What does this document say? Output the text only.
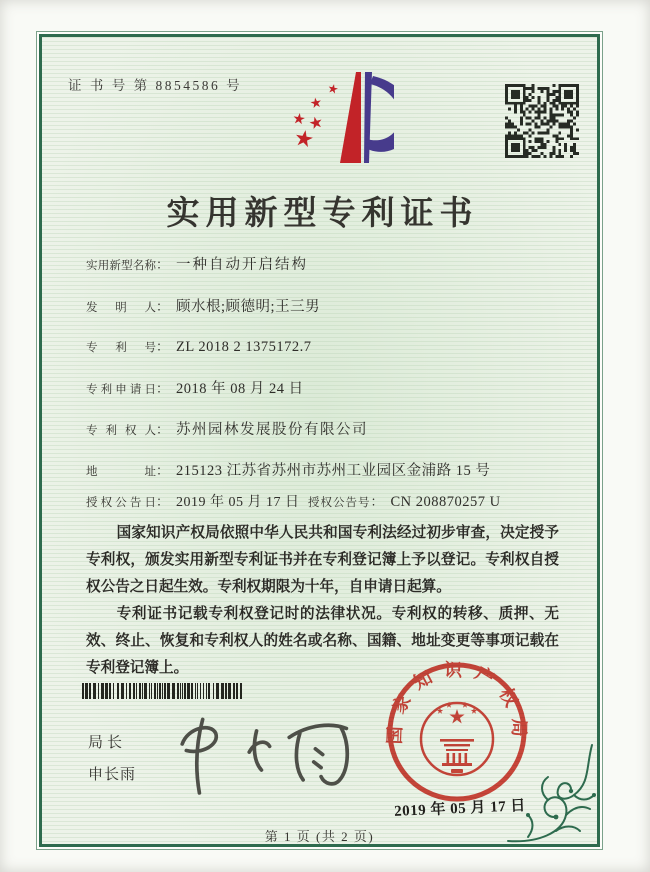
证 书 号 第 8854586 号
实用新型专利证书
实用新型名称： 一种自动开启结构
发明人： 顾水根;顾德明;王三男
专利号： ZL 2018 2 1375172.7
专利申请日： 2018 年 08 月 24 日
专利权人： 苏州园林发展股份有限公司
地址： 215123 江苏省苏州市苏州工业园区金浦路 15 号
授权公告日： 2019 年 05 月 17 日 授权公告号： CN 208870257 U

国家知识产权局依照中华人民共和国专利法经过初步审查，决定授予专利权，颁发实用新型专利证书并在专利登记簿上予以登记。专利权自授权公告之日起生效。专利权期限为十年，自申请日起算。

专利证书记载专利权登记时的法律状况。专利权的转移、质押、无效、终止、恢复和专利权人的姓名或名称、国籍、地址变更等事项记载在专利登记簿上。

局长
申长雨
国家知识产权局
2019 年 05 月 17 日
第 1 页 (共 2 页)
